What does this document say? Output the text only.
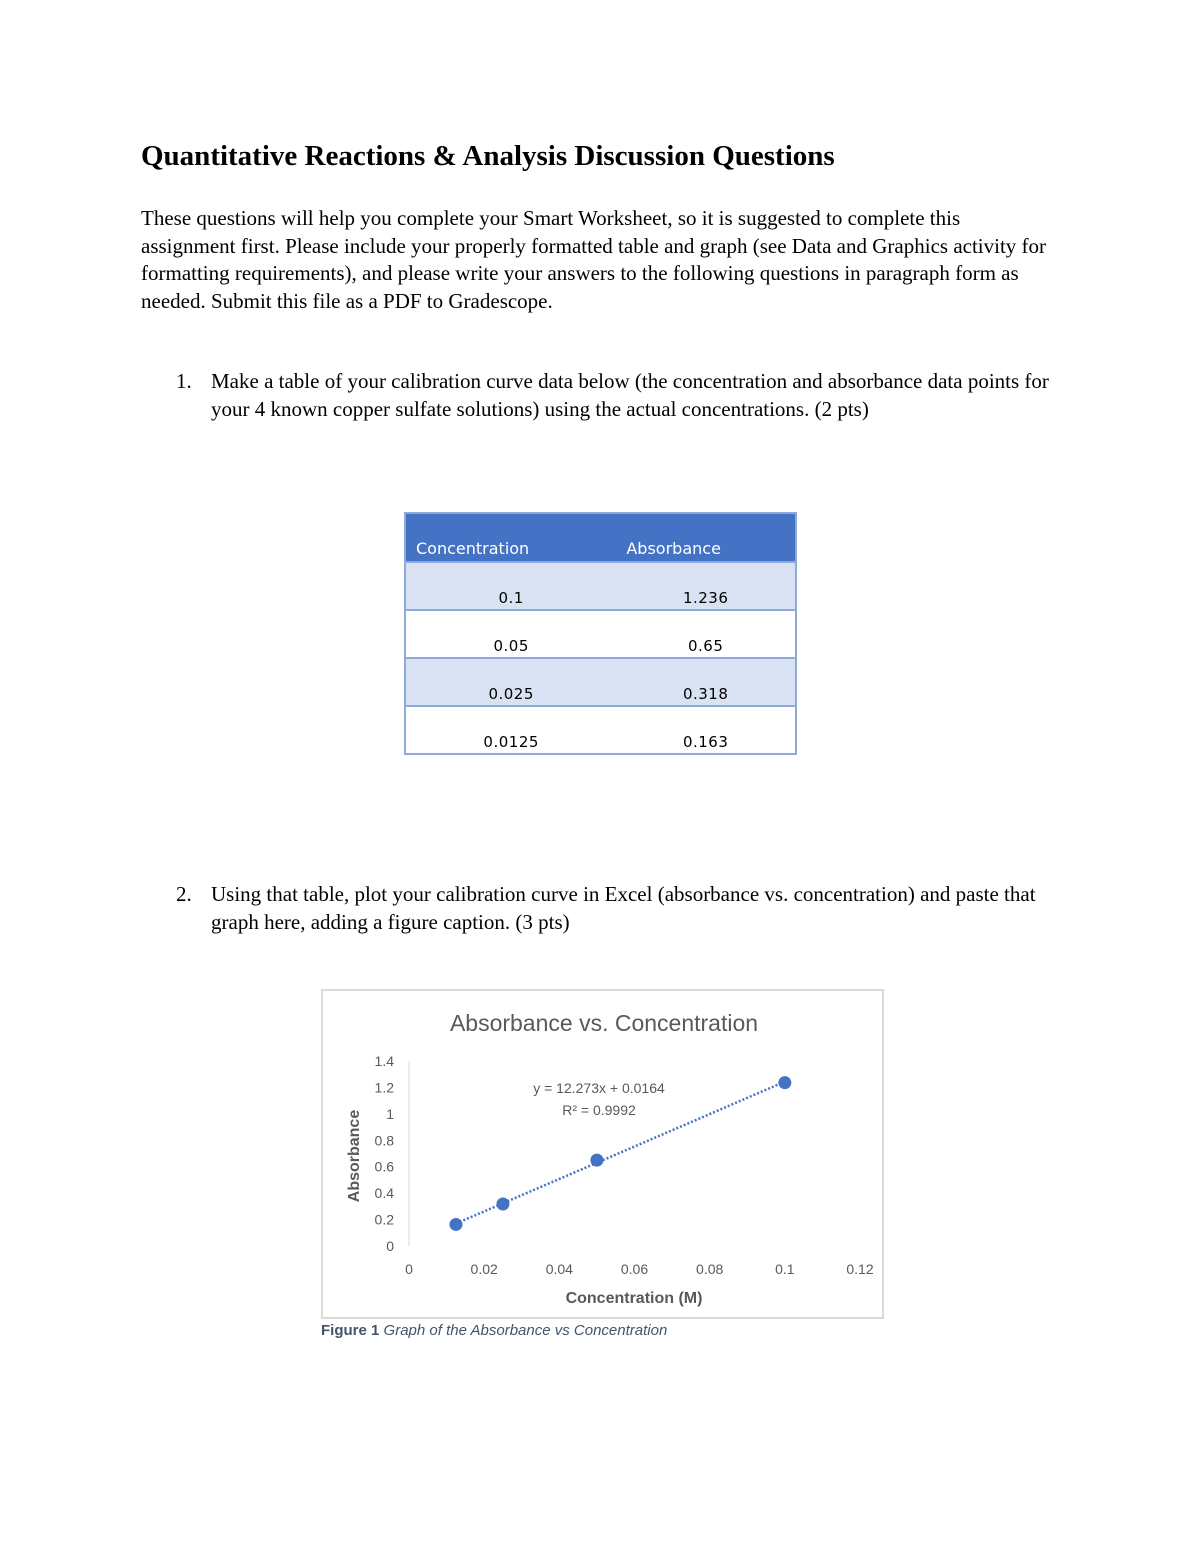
Quantitative Reactions & Analysis Discussion Questions

These questions will help you complete your Smart Worksheet, so it is suggested to complete this assignment first. Please include your properly formatted table and graph (see Data and Graphics activity for formatting requirements), and please write your answers to the following questions in paragraph form as needed. Submit this file as a PDF to Gradescope.

1. Make a table of your calibration curve data below (the concentration and absorbance data points for your 4 known copper sulfate solutions) using the actual concentrations. (2 pts)
Concentration	Absorbance
0.1	1.236
0.05	0.65
0.025	0.318
0.0125	0.163
2. Using that table, plot your calibration curve in Excel (absorbance vs. concentration) and paste that graph here, adding a figure caption. (3 pts)
Absorbance vs. Concentration
0
0.2
0.4
0.6
0.8
1
1.2
1.4
0	0.02	0.04	0.06	0.08	0.1	0.12
y = 12.273x + 0.0164
R² = 0.9992
Concentration (M)
Absorbance
Figure 1 Graph of the Absorbance vs Concentration
